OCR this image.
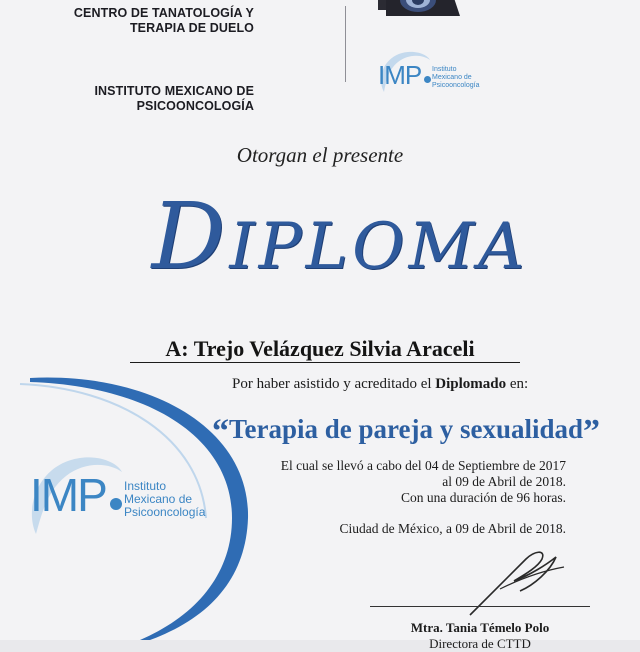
CENTRO DE TANATOLOGÍA Y
TERAPIA DE DUELO
INSTITUTO MEXICANO DE
PSICOONCOLOGÍA
IMP Instituto
Mexicano de
Psicooncología
Otorgan el presente
Diploma
A: Trejo Velázquez Silvia Araceli
Por haber asistido y acreditado el Diplomado en:
“Terapia de pareja y sexualidad”
El cual se llevó a cabo del 04 de Septiembre de 2017
al 09 de Abril de 2018.
Con una duración de 96 horas.
Ciudad de México, a 09 de Abril de 2018.
IMP Instituto
Mexicano de
Psicooncología
Mtra. Tania Témelo Polo
Directora de CTTD
